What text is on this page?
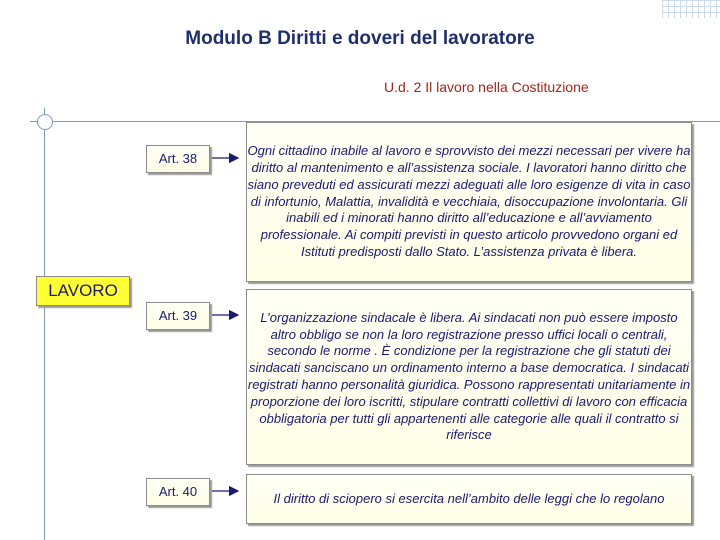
Modulo B Diritti e doveri del lavoratore
U.d. 2 Il lavoro nella Costituzione
LAVORO
Art. 38
Art. 39
Art. 40
Ogni cittadino inabile al lavoro e sprovvisto dei mezzi necessari per vivere ha diritto al mantenimento e all’assistenza sociale. I lavoratori hanno diritto che siano preveduti ed assicurati mezzi adeguati alle loro esigenze di vita in caso di infortunio, Malattia, invalidità e vecchiaia, disoccupazione involontaria. Gli inabili ed i minorati hanno diritto all’educazione e all’avviamento professionale. Ai compiti previsti in questo articolo provvedono organi ed Istituti predisposti dallo Stato. L’assistenza privata è libera.
L’organizzazione sindacale è libera. Ai sindacati non può essere imposto altro obbligo se non la loro registrazione presso uffici locali o centrali, secondo le norme . È condizione per la registrazione che gli statuti dei sindacati sanciscano un ordinamento interno a base democratica. I sindacati registrati hanno personalità giuridica. Possono rappresentati unitariamente in proporzione dei loro iscritti, stipulare contratti collettivi di lavoro con efficacia obbligatoria per tutti gli appartenenti alle categorie alle quali il contratto si riferisce
Il diritto di sciopero si esercita nell’ambito delle leggi che lo regolano
